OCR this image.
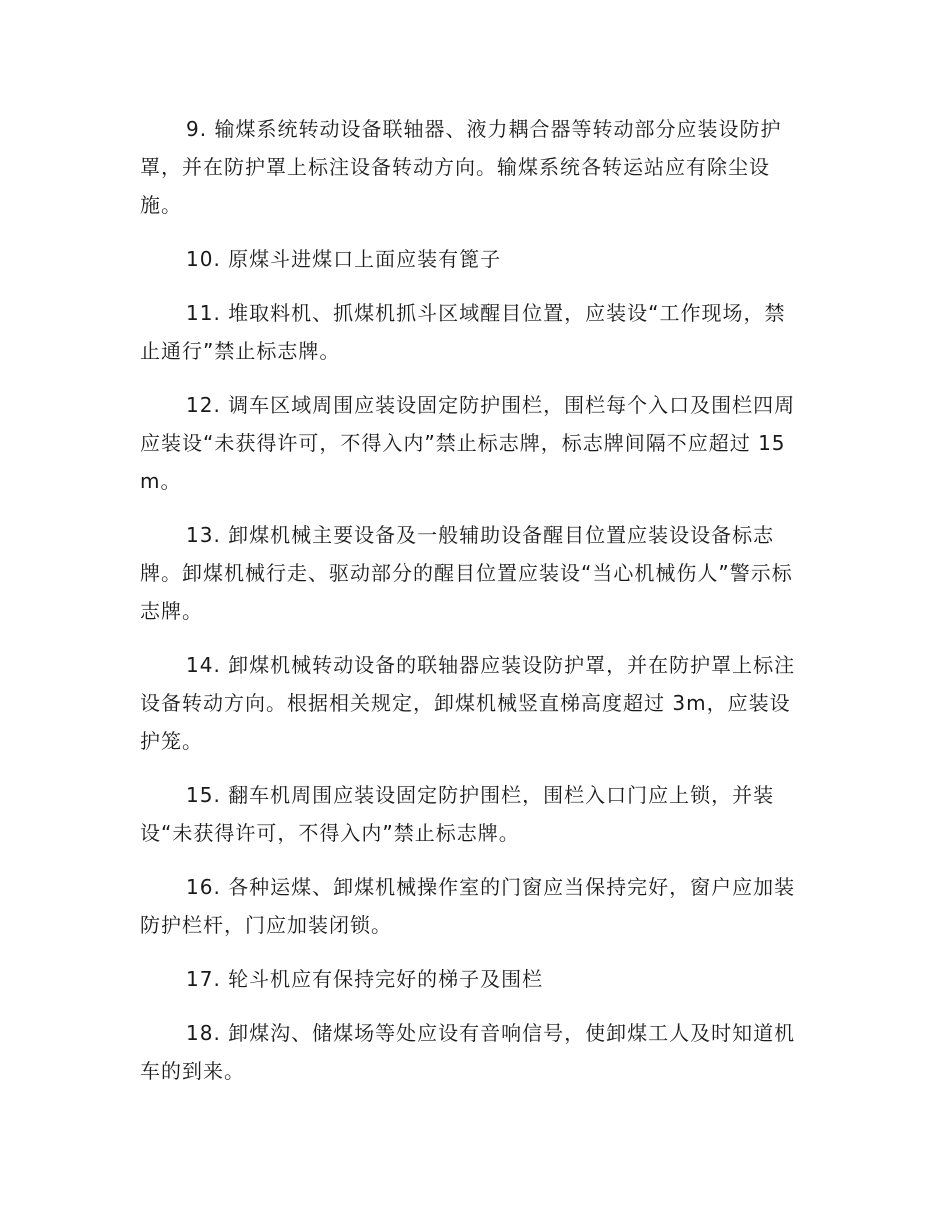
9. 输煤系统转动设备联轴器、液力耦合器等转动部分应装设防护罩，并在防护罩上标注设备转动方向。输煤系统各转运站应有除尘设施。

10. 原煤斗进煤口上面应装有篦子

11. 堆取料机、抓煤机抓斗区域醒目位置，应装设“工作现场，禁止通行”禁止标志牌。

12. 调车区域周围应装设固定防护围栏，围栏每个入口及围栏四周应装设“未获得许可，不得入内”禁止标志牌，标志牌间隔不应超过 15m。

13. 卸煤机械主要设备及一般辅助设备醒目位置应装设设备标志牌。卸煤机械行走、驱动部分的醒目位置应装设“当心机械伤人”警示标志牌。

14. 卸煤机械转动设备的联轴器应装设防护罩，并在防护罩上标注设备转动方向。根据相关规定，卸煤机械竖直梯高度超过 3m，应装设护笼。

15. 翻车机周围应装设固定防护围栏，围栏入口门应上锁，并装设“未获得许可，不得入内”禁止标志牌。

16. 各种运煤、卸煤机械操作室的门窗应当保持完好，窗户应加装防护栏杆，门应加装闭锁。

17. 轮斗机应有保持完好的梯子及围栏

18. 卸煤沟、储煤场等处应设有音响信号，使卸煤工人及时知道机车的到来。
